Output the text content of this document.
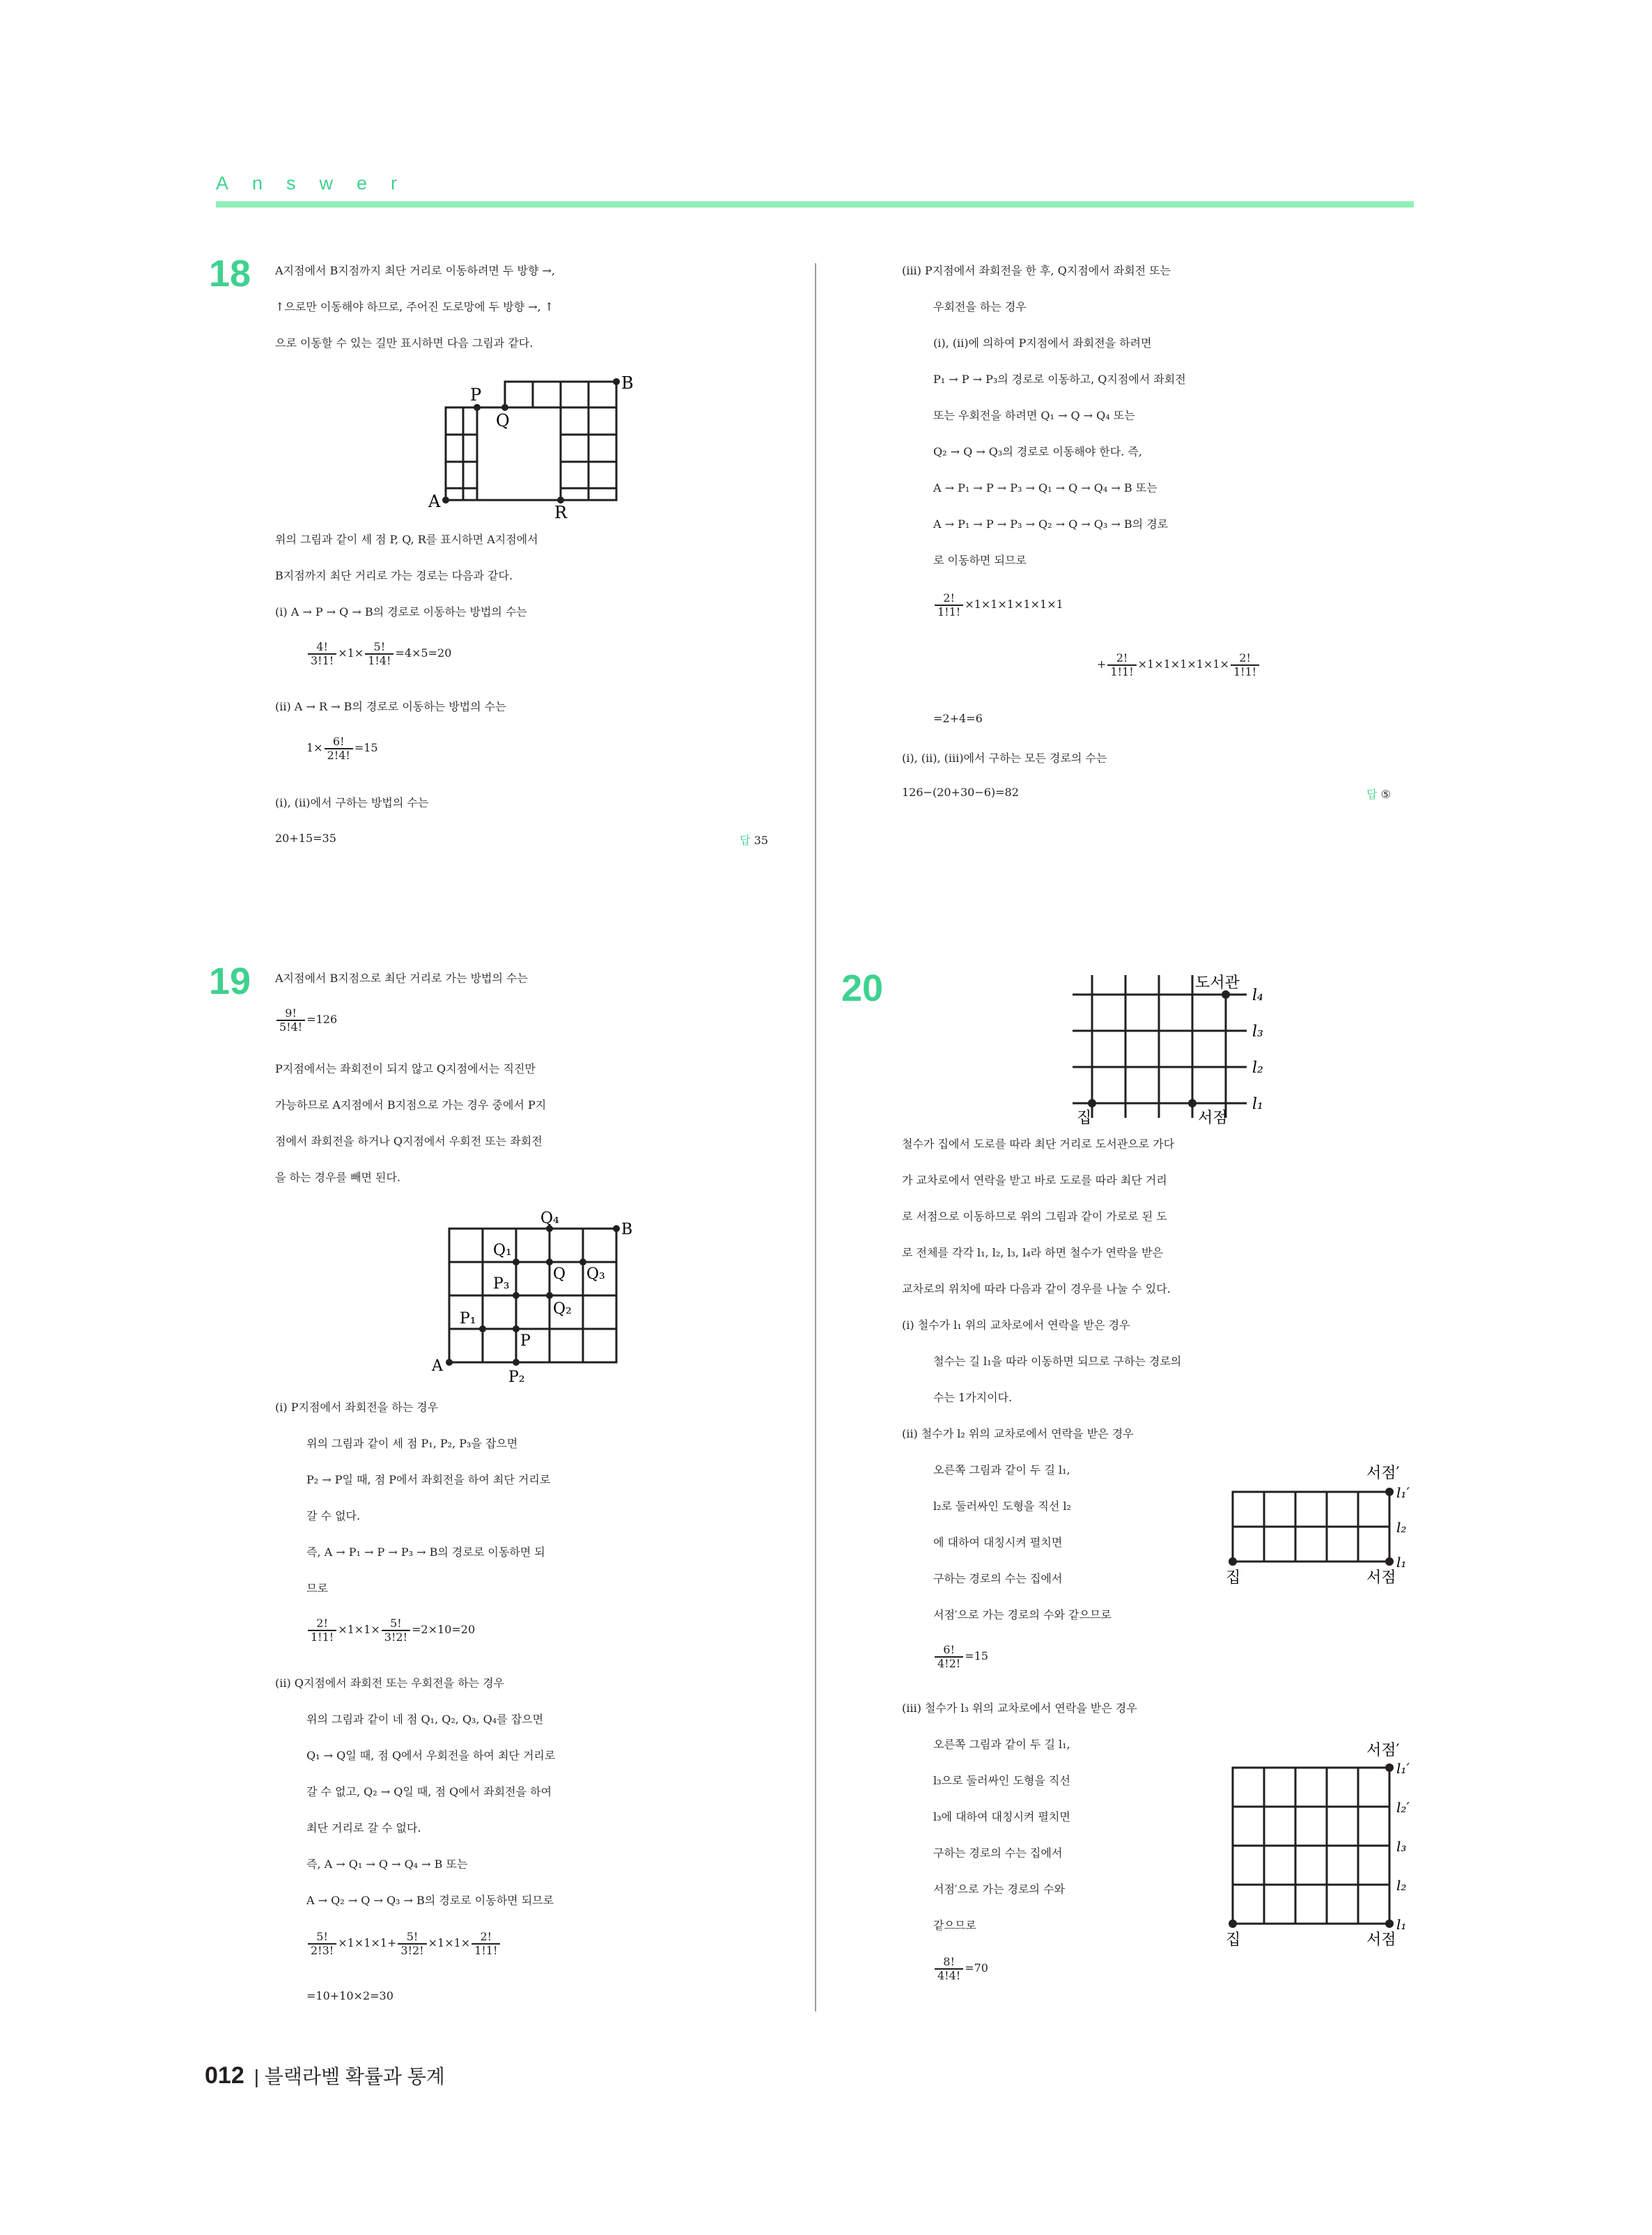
Answer
18 A지점에서 B지점까지 최단 거리로 이동하려면 두 방향 →,
↑으로만 이동해야 하므로, 주어진 도로망에 두 방향 →, ↑
으로 이동할 수 있는 길만 표시하면 다음 그림과 같다.
A
B
P
Q
R
위의 그림과 같이 세 점 P, Q, R를 표시하면 A지점에서
B지점까지 최단 거리로 가는 경로는 다음과 같다.
(i) A → P → Q → B의 경로로 이동하는 방법의 수는
$\frac{4!}{3!1!} \times 1\times \frac{5!}{1!4!} =4\times 5=20$
(ii) A → R → B의 경로로 이동하는 방법의 수는
$1\times \frac{6!}{2!4!} =15$
(i), (ii)에서 구하는 방법의 수는
20+15=35	답 35
(iii) P지점에서 좌회전을 한 후, Q지점에서 좌회전 또는
우회전을 하는 경우
(i), (ii)에 의하여 P지점에서 좌회전을 하려면
P₁ → P → P₃의 경로로 이동하고, Q지점에서 좌회전
또는 우회전을 하려면 Q₁ → Q → Q₄ 또는
Q₂ → Q → Q₃의 경로로 이동해야 한다. 즉,
A → P₁ → P → P₃ → Q₁ → Q → Q₄ → B 또는
A → P₁ → P → P₃ → Q₂ → Q → Q₃ → B의 경로
로 이동하면 되므로
$\frac{2!}{1!1!} \times 1\times 1\times 1\times 1\times 1\times 1$
+ $\frac{2!}{1!1!} \times 1\times 1\times 1\times 1\times 1\times \frac{2!}{1!1!}$
=2+4=6
(i), (ii), (iii)에서 구하는 모든 경로의 수는
126−(20+30−6)=82	답 ⑤
19 A지점에서 B지점으로 최단 거리로 가는 방법의 수는
$\frac{9!}{5!4!} =126$
P지점에서는 좌회전이 되지 않고 Q지점에서는 직진만
가능하므로 A지점에서 B지점으로 가는 경우 중에서 P지
점에서 좌회전을 하거나 Q지점에서 우회전 또는 좌회전
을 하는 경우를 빼면 된다.
A
B
P
P₁
P₂
P₃
Q
Q₁
Q₂
Q₃
Q₄
(i) P지점에서 좌회전을 하는 경우
위의 그림과 같이 세 점 P₁, P₂, P₃을 잡으면
P₂ → P일 때, 점 P에서 좌회전을 하여 최단 거리로
갈 수 없다.
즉, A → P₁ → P → P₃ → B의 경로로 이동하면 되
므로
$\frac{2!}{1!1!} \times 1\times 1\times \frac{5!}{3!2!} =2\times 10=20$
(ii) Q지점에서 좌회전 또는 우회전을 하는 경우
위의 그림과 같이 네 점 Q₁, Q₂, Q₃, Q₄를 잡으면
Q₁ → Q일 때, 점 Q에서 우회전을 하여 최단 거리로
갈 수 없고, Q₂ → Q일 때, 점 Q에서 좌회전을 하여
최단 거리로 갈 수 없다.
즉, A → Q₁ → Q → Q₄ → B 또는
A → Q₂ → Q → Q₃ → B의 경로로 이동하면 되므로
$\frac{5!}{2!3!} \times 1\times 1\times 1+ \frac{5!}{3!2!} \times 1\times 1\times \frac{2!}{1!1!}$
=10+10×2=30
20	도서관
집	서점
l₄
l₃
l₂
l₁
철수가 집에서 도로를 따라 최단 거리로 도서관으로 가다
가 교차로에서 연락을 받고 바로 도로를 따라 최단 거리
로 서점으로 이동하므로 위의 그림과 같이 가로로 된 도
로 전체를 각각 l₁, l₂, l₃, l₄라 하면 철수가 연락을 받은
교차로의 위치에 따라 다음과 같이 경우를 나눌 수 있다.
(i) 철수가 l₁ 위의 교차로에서 연락을 받은 경우
철수는 길 l₁을 따라 이동하면 되므로 구하는 경로의
수는 1가지이다.
(ii) 철수가 l₂ 위의 교차로에서 연락을 받은 경우
오른쪽 그림과 같이 두 길 l₁,
l₂로 둘러싸인 도형을 직선 l₂
에 대하여 대칭시켜 펼치면
구하는 경로의 수는 집에서
서점′으로 가는 경로의 수와 같으므로
서점′
집	서점
l₁′
l₂
l₁
$\frac{6!}{4!2!} =15$
(iii) 철수가 l₃ 위의 교차로에서 연락을 받은 경우
오른쪽 그림과 같이 두 길 l₁,
l₃으로 둘러싸인 도형을 직선
l₃에 대하여 대칭시켜 펼치면
구하는 경로의 수는 집에서
서점′으로 가는 경로의 수와
같으므로
서점′
집	서점
l₁′
l₂′
l₃
l₂
l₁
$\frac{8!}{4!4!} =70$
012 | 블랙라벨 확률과 통계
